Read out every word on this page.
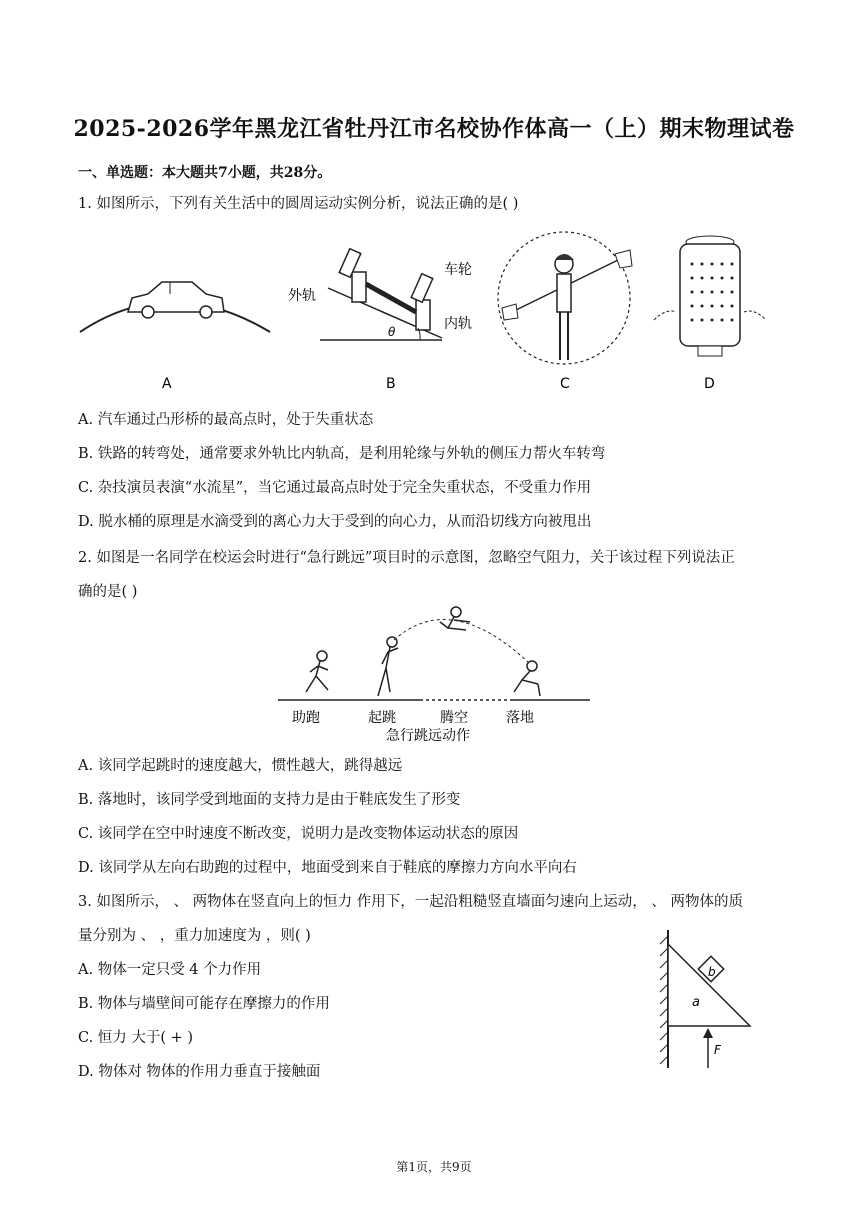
2025-2026学年黑龙江省牡丹江市名校协作体高一（上）期末物理试卷
一、单选题：本大题共7小题，共28分。
1. 如图所示，下列有关生活中的圆周运动实例分析，说法正确的是( )
A
外轨
车轮
内轨
θ
B	C	D
A. 汽车通过凸形桥的最高点时，处于失重状态
B. 铁路的转弯处，通常要求外轨比内轨高，是利用轮缘与外轨的侧压力帮火车转弯
C. 杂技演员表演“水流星”，当它通过最高点时处于完全失重状态，不受重力作用
D. 脱水桶的原理是水滴受到的离心力大于受到的向心力，从而沿切线方向被甩出
2. 如图是一名同学在校运会时进行“急行跳远”项目时的示意图，忽略空气阻力，关于该过程下列说法正
确的是( )
助跑	起跳	腾空	落地
急行跳远动作
A. 该同学起跳时的速度越大，惯性越大，跳得越远
B. 落地时，该同学受到地面的支持力是由于鞋底发生了形变
C. 该同学在空中时速度不断改变，说明力是改变物体运动状态的原因
D. 该同学从左向右助跑的过程中，地面受到来自于鞋底的摩擦力方向水平向右
3. 如图所示， 、 两物体在竖直向上的恒力 作用下，一起沿粗糙竖直墙面匀速向上运动， 、 两物体的质
量分别为 、 ，重力加速度为 ，则( )
A. 物体一定只受 4 个力作用
B. 物体与墙壁间可能存在摩擦力的作用
C. 恒力 大于( + )
D. 物体对 物体的作用力垂直于接触面
b
a
F
第1页，共9页
